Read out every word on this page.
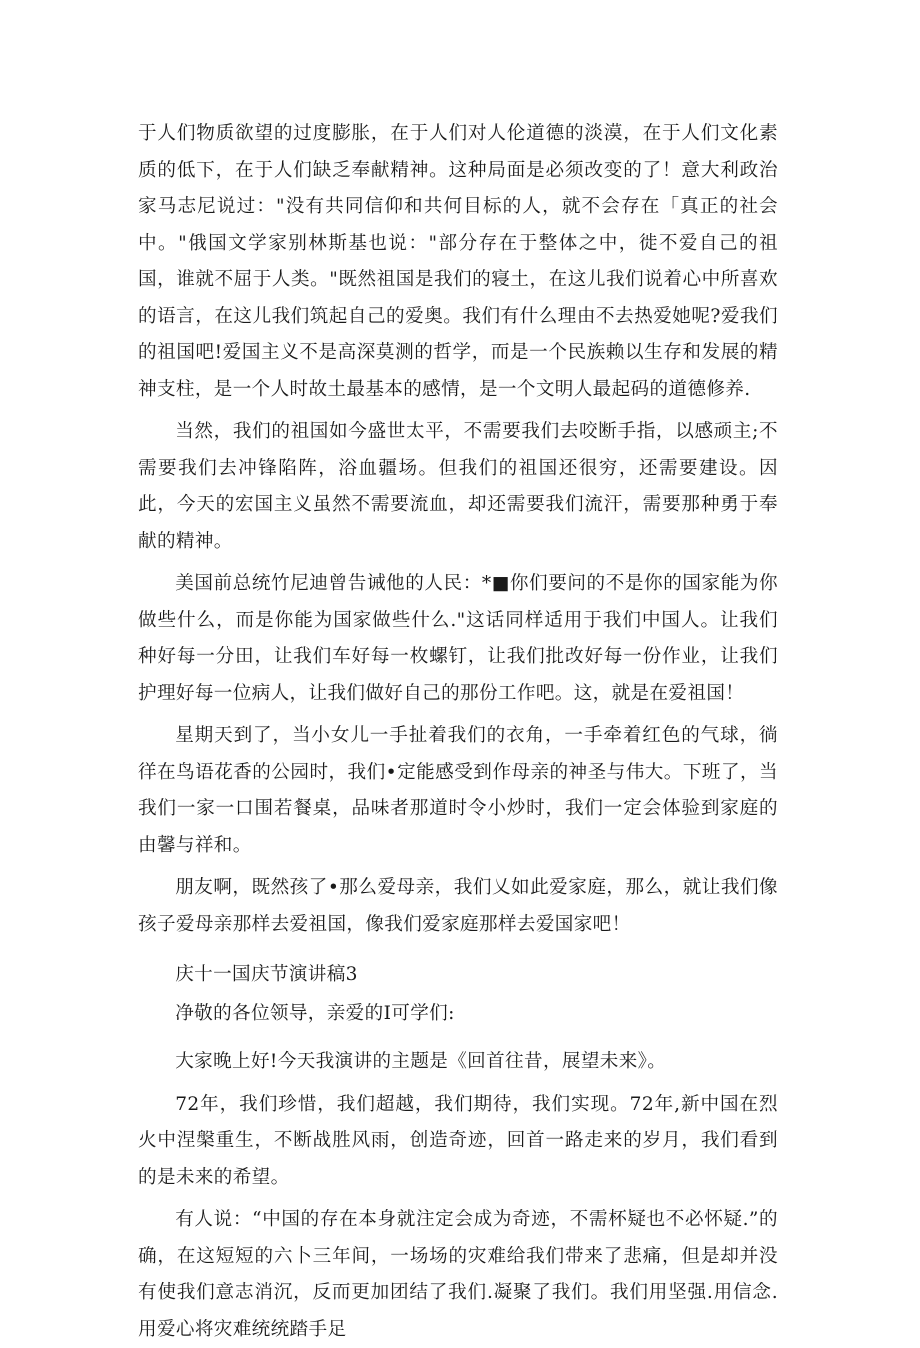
于人们物质欲望的过度膨胀，在于人们对人伦道德的淡漠，在于人们文化素质的低下，在于人们缺乏奉献精神。这种局面是必须改变的了！意大利政治家马志尼说过："没有共同信仰和共何目标的人，就不会存在「真正的社会中。"俄国文学家别林斯基也说："部分存在于整体之中，徙不爱自己的祖国，谁就不屈于人类。"既然祖国是我们的寝土，在这儿我们说着心中所喜欢的语言，在这儿我们筑起自己的爱奥。我们有什么理由不去热爱她呢?爱我们的祖国吧!爱国主义不是高深莫测的哲学，而是一个民族赖以生存和发展的精神支柱，是一个人时故土最基本的感情，是一个文明人最起码的道德修养.

当然，我们的祖国如今盛世太平，不需要我们去咬断手指，以感顽主;不需要我们去冲锋陷阵，浴血疆场。但我们的祖国还很穷，还需要建设。因此，今天的宏国主义虽然不需要流血，却还需要我们流汗，需要那种勇于奉献的精神。

美国前总统竹尼迪曾告诫他的人民：*■你们要问的不是你的国家能为你做些什么，而是你能为国家做些什么."这话同样适用于我们中国人。让我们种好每一分田，让我们车好每一枚螺钉，让我们批改好每一份作业，让我们护理好每一位病人，让我们做好自己的那份工作吧。这，就是在爱祖国！

星期天到了，当小女儿一手扯着我们的衣角，一手牵着红色的气球，徜徉在鸟语花香的公园时，我们•定能感受到作母亲的神圣与伟大。下班了，当我们一家一口围若餐桌，品味者那道时令小炒时，我们一定会体验到家庭的由馨与祥和。

朋友啊，既然孩了•那么爱母亲，我们乂如此爱家庭，那么，就让我们像孩子爱母亲那样去爱祖国，像我们爱家庭那样去爱国家吧！

庆十一国庆节演讲稿3

净敬的各位领导，亲爱的I可学们:

大家晚上好!今天我演讲的主题是《回首往昔，展望未来》。

72年，我们珍惜，我们超越，我们期待，我们实现。72年,新中国在烈火中涅槃重生，不断战胜风雨，创造奇迹，回首一路走来的岁月，我们看到的是未来的希望。

有人说：“中国的存在本身就注定会成为奇迹，不需杯疑也不必怀疑.”的确，在这短短的六卜三年间，一场场的灾难给我们带来了悲痛，但是却并没有使我们意志消沉，反而更加团结了我们.凝聚了我们。我们用坚强.用信念.用爱心将灾难统统踏手足
